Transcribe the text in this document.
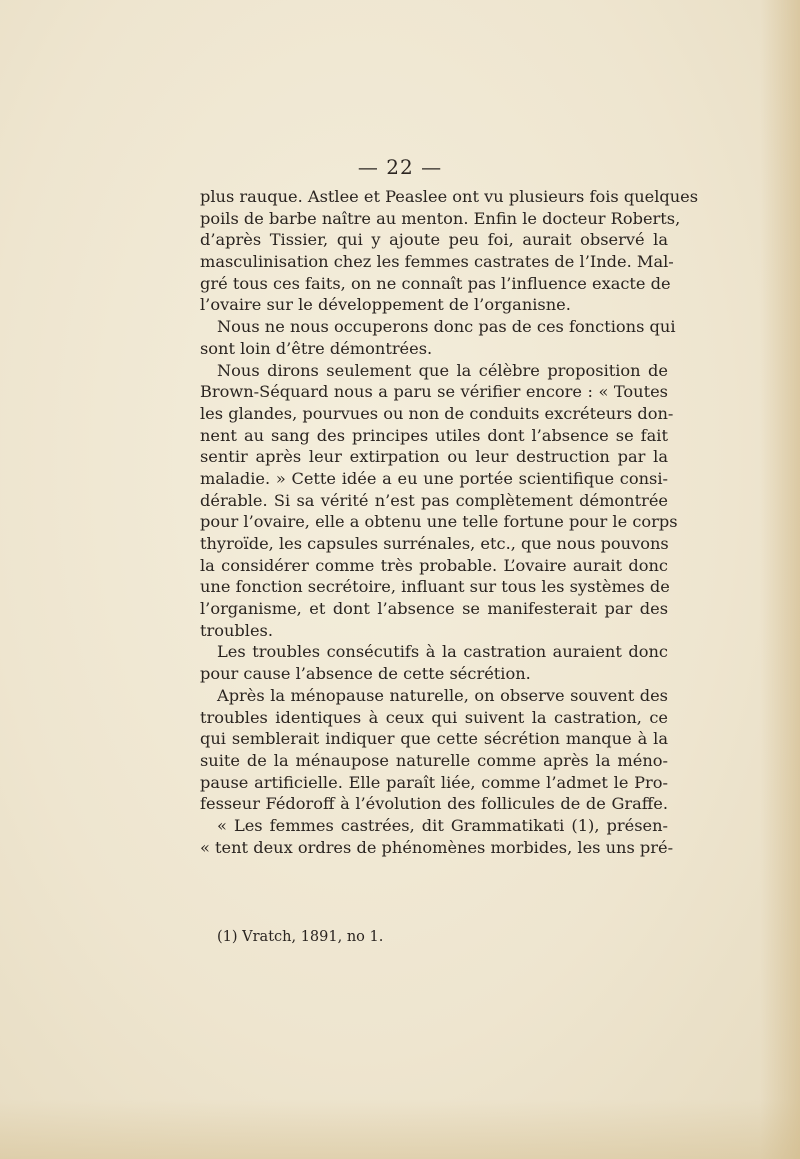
— 22 —
plus rauque. Astlee et Peaslee ont vu plusieurs fois quelques
poils de barbe naître au menton. Enfin le docteur Roberts,
d’après Tissier, qui y ajoute peu foi, aurait observé la
masculinisation chez les femmes castrates de l’Inde. Mal-
gré tous ces faits, on ne connaît pas l’influence exacte de
l’ovaire sur le développement de l’organisne.
Nous ne nous occuperons donc pas de ces fonctions qui
sont loin d’être démontrées.
Nous dirons seulement que la célèbre proposition de
Brown-Séquard nous a paru se vérifier encore : « Toutes
les glandes, pourvues ou non de conduits excréteurs don-
nent au sang des principes utiles dont l’absence se fait
sentir après leur extirpation ou leur destruction par la
maladie. » Cette idée a eu une portée scientifique consi-
dérable. Si sa vérité n’est pas complètement démontrée
pour l’ovaire, elle a obtenu une telle fortune pour le corps
thyroïde, les capsules surrénales, etc., que nous pouvons
la considérer comme très probable. L’ovaire aurait donc
une fonction secrétoire, influant sur tous les systèmes de
l’organisme, et dont l’absence se manifesterait par des
troubles.
Les troubles consécutifs à la castration auraient donc
pour cause l’absence de cette sécrétion.
Après la ménopause naturelle, on observe souvent des
troubles identiques à ceux qui suivent la castration, ce
qui semblerait indiquer que cette sécrétion manque à la
suite de la ménaupose naturelle comme après la méno-
pause artificielle. Elle paraît liée, comme l’admet le Pro-
fesseur Fédoroff à l’évolution des follicules de de Graffe.
« Les femmes castrées, dit Grammatikati (1), présen-
« tent deux ordres de phénomènes morbides, les uns pré-
(1) Vratch, 1891, no 1.
